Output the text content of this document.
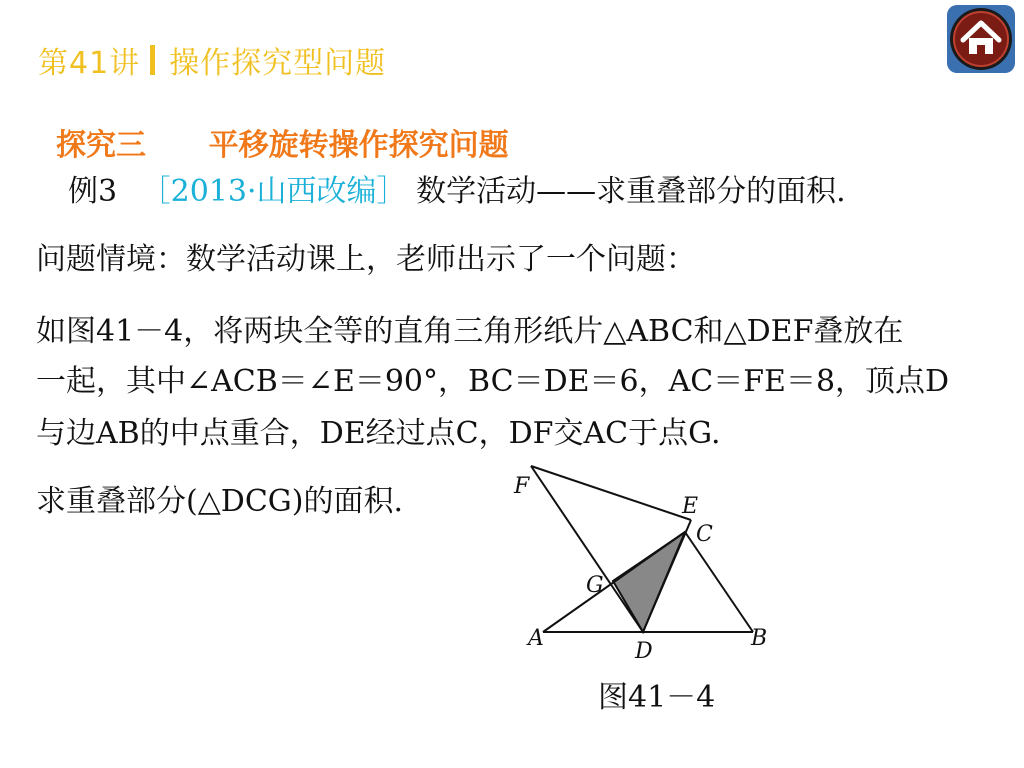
第41讲 操作探究型问题
探究三 平移旋转操作探究问题
例3 ［2013·山西改编］ 数学活动——求重叠部分的面积.
问题情境：数学活动课上，老师出示了一个问题：
如图41－4，将两块全等的直角三角形纸片△ABC和△DEF叠放在
一起，其中∠ACB＝∠E＝90°，BC＝DE＝6，AC＝FE＝8，顶点D
与边AB的中点重合，DE经过点C，DF交AC于点G.
求重叠部分(△DCG)的面积.	F
E
C
G
A	B
D
图41－4
